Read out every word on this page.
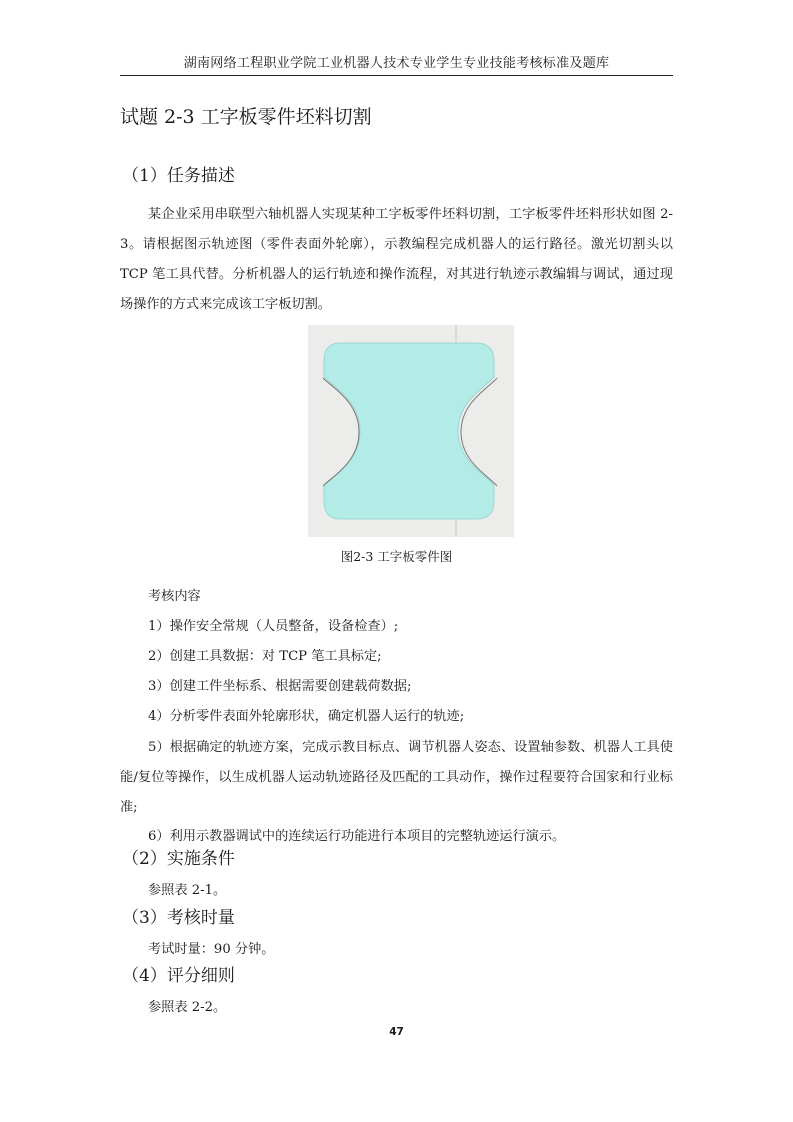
湖南网络工程职业学院工业机器人技术专业学生专业技能考核标准及题库
试题 2-3 工字板零件坯料切割
（1）任务描述

某企业采用串联型六轴机器人实现某种工字板零件坯料切割，工字板零件坯料形状如图 2-3。请根据图示轨迹图（零件表面外轮廓），示教编程完成机器人的运行路径。激光切割头以 TCP 笔工具代替。分析机器人的运行轨迹和操作流程，对其进行轨迹示教编辑与调试，通过现场操作的方式来完成该工字板切割。

图2-3 工字板零件图
考核内容
1）操作安全常规（人员整备，设备检查）;
2）创建工具数据：对 TCP 笔工具标定;
3）创建工件坐标系、根据需要创建载荷数据;
4）分析零件表面外轮廓形状，确定机器人运行的轨迹;

5）根据确定的轨迹方案，完成示教目标点、调节机器人姿态、设置轴参数、机器人工具使能/复位等操作，以生成机器人运动轨迹路径及匹配的工具动作，操作过程要符合国家和行业标准;

6）利用示教器调试中的连续运行功能进行本项目的完整轨迹运行演示。
（2）实施条件
参照表 2-1。
（3）考核时量
考试时量：90 分钟。
（4）评分细则
参照表 2-2。
47
